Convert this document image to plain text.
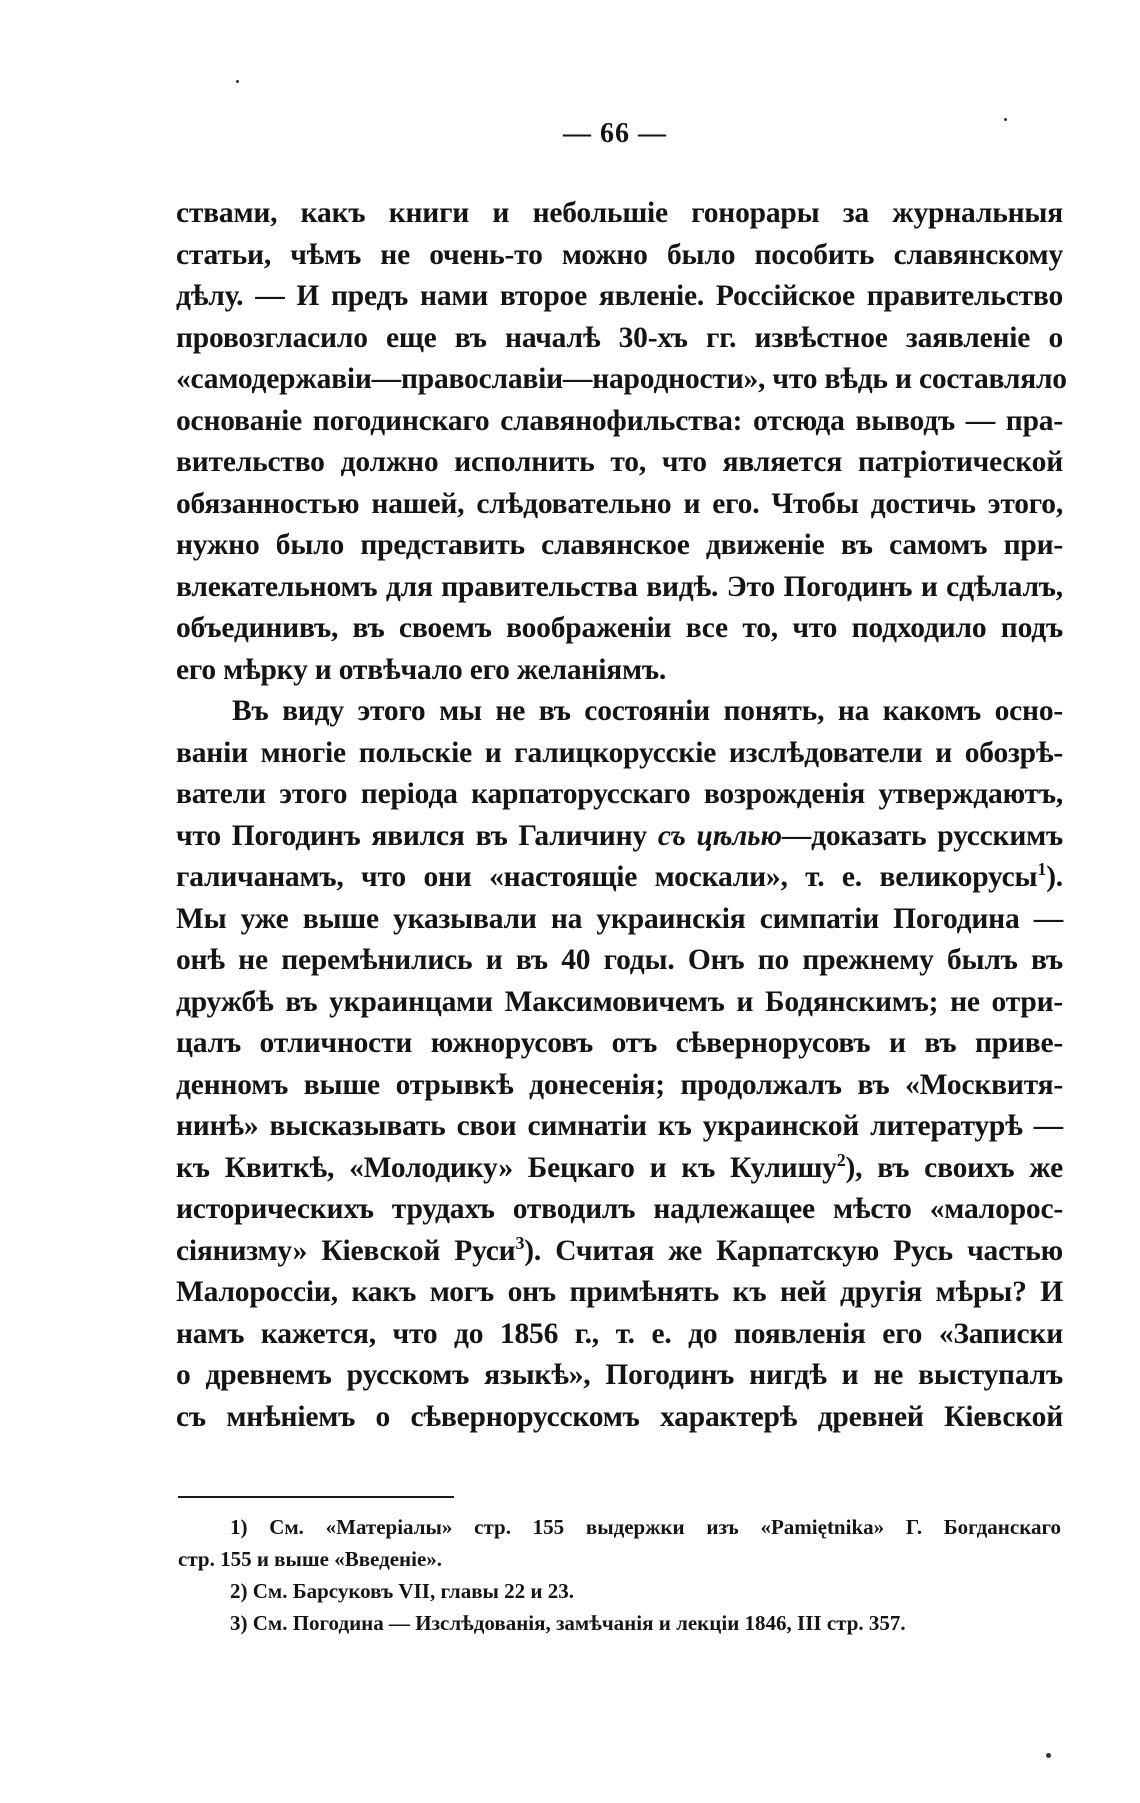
— 66 —
ствами, какъ книги и небольшіе гонорары за журнальныя
статьи, чѣмъ не очень-то можно было пособить славянскому
дѣлу. — И предъ нами второе явленіе. Россійское правительство
провозгласило еще въ началѣ 30-хъ гг. извѣстное заявленіе о
«самодержавіи—православіи—народности», что вѣдь и составляло
основаніе погодинскаго славянофильства: отсюда выводъ — пра-
вительство должно исполнить то, что является патріотической
обязанностью нашей, слѣдовательно и его. Чтобы достичь этого,
нужно было представить славянское движеніе въ самомъ при-
влекательномъ для правительства видѣ. Это Погодинъ и сдѣлалъ,
объединивъ, въ своемъ воображеніи все то, что подходило подъ
его мѣрку и отвѣчало его желаніямъ.
Въ виду этого мы не въ состояніи понять, на какомъ осно-
ваніи многіе польскіе и галицкорусскіе изслѣдователи и обозрѣ-
ватели этого періода карпаторусскаго возрожденія утверждаютъ,
что Погодинъ явился въ Галичину съ цѣлью—доказать русскимъ
галичанамъ, что они «настоящіе москали», т. е. великорусы$^1$).
Мы уже выше указывали на украинскія симпатіи Погодина —
онѣ не перемѣнились и въ 40 годы. Онъ по прежнему былъ въ
дружбѣ въ украинцами Максимовичемъ и Бодянскимъ; не отри-
цалъ отличности южнорусовъ отъ сѣвернорусовъ и въ приве-
денномъ выше отрывкѣ донесенія; продолжалъ въ «Москвитя-
нинѣ» высказывать свои симнатіи къ украинской литературѣ —
къ Квиткѣ, «Молодику» Бецкаго и къ Кулишу$^2$), въ своихъ же
историческихъ трудахъ отводилъ надлежащее мѣсто «малорос-
сіянизму» Кіевской Руси$^3$). Считая же Карпатскую Русь частью
Малороссіи, какъ могъ онъ примѣнять къ ней другія мѣры? И
намъ кажется, что до 1856 г., т. е. до появленія его «Записки
о древнемъ русскомъ языкѣ», Погодинъ нигдѣ и не выступалъ
съ мнѣніемъ о сѣвернорусскомъ характерѣ древней Кіевской
1) См. «Матеріалы» стр. 155 выдержки изъ «Pamiętnika» Г. Богданскаго
стр. 155 и выше «Введеніе».
2) См. Барсуковъ VII, главы 22 и 23.
3) См. Погодина — Изслѣдованія, замѣчанія и лекціи 1846, III стр. 357.
